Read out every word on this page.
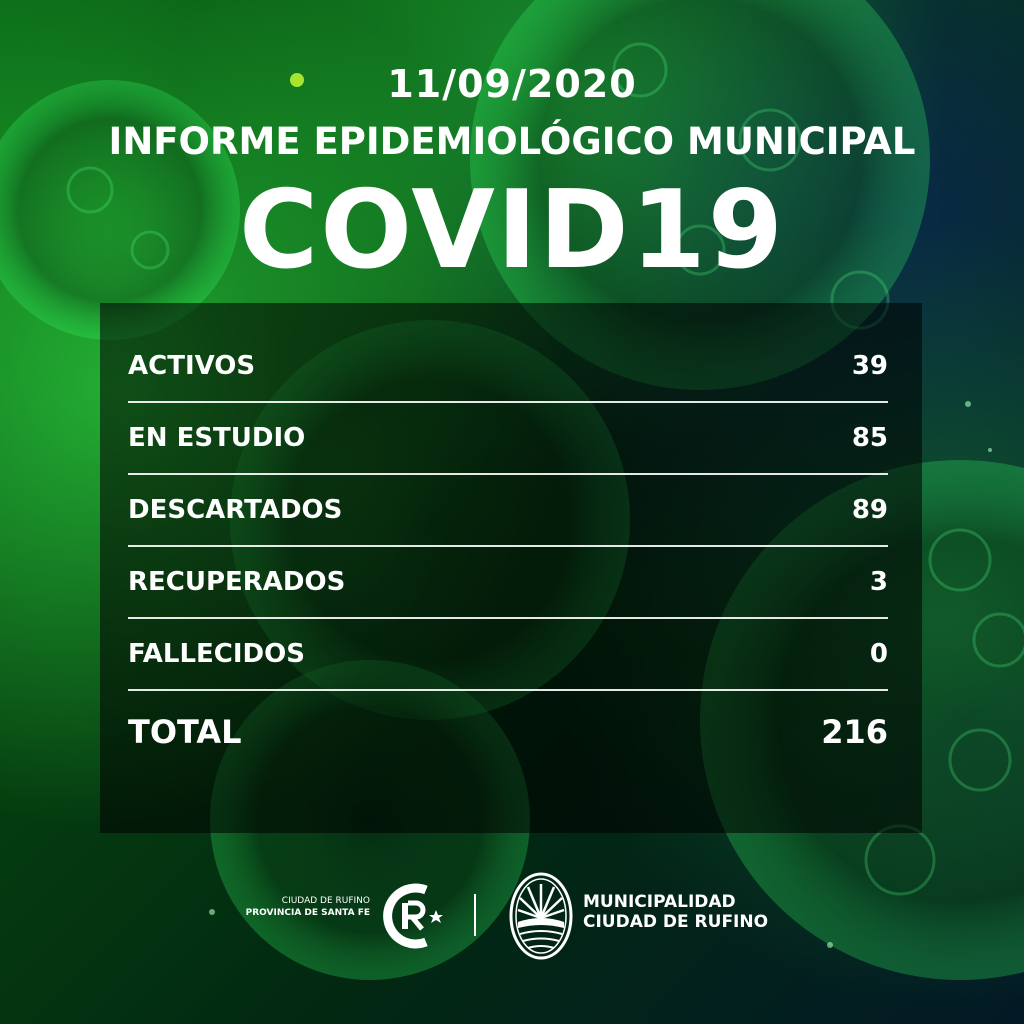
11/09/2020
INFORME EPIDEMIOLÓGICO MUNICIPAL
COVID19
ACTIVOS	39
EN ESTUDIO	85
DESCARTADOS	89
RECUPERADOS	3
FALLECIDOS	0
TOTAL	216
CIUDAD DE RUFINO
PROVINCIA DE SANTA FE
MUNICIPALIDAD
CIUDAD DE RUFINO
